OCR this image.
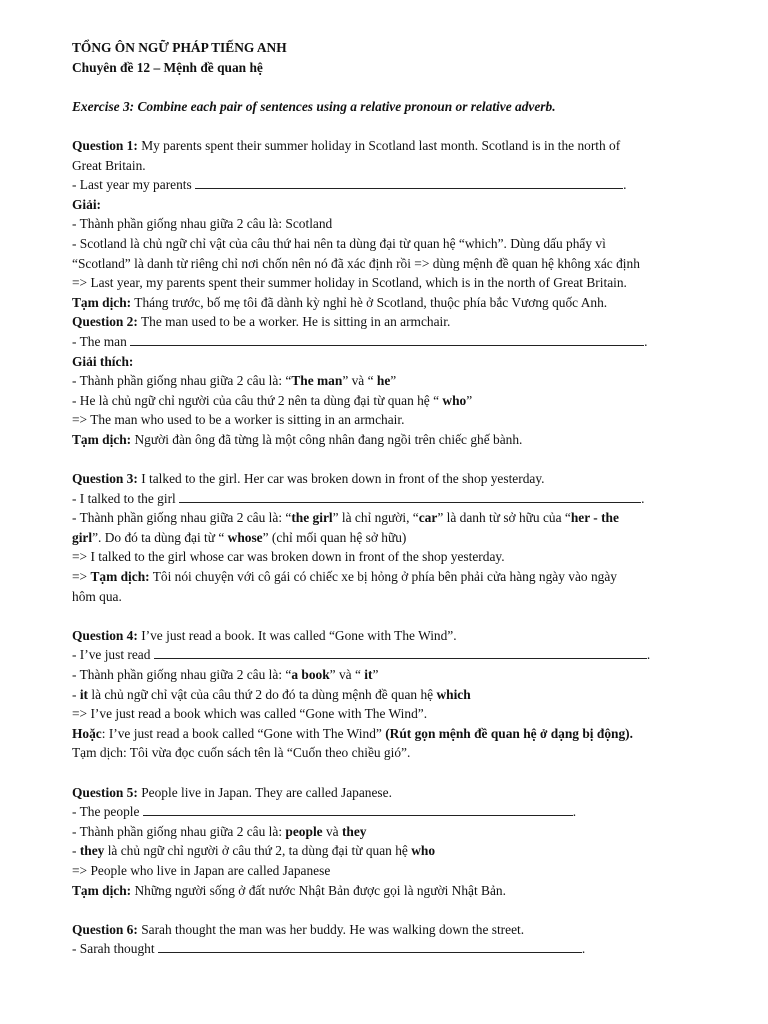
TỔNG ÔN NGỮ PHÁP TIẾNG ANH
Chuyên đề 12 – Mệnh đề quan hệ
Exercise 3: Combine each pair of sentences using a relative pronoun or relative adverb.
Question 1: My parents spent their summer holiday in Scotland last month. Scotland is in the north of
Great Britain.
- Last year my parents	.
Giải:
- Thành phần giống nhau giữa 2 câu là: Scotland
- Scotland là chủ ngữ chỉ vật của câu thứ hai nên ta dùng đại từ quan hệ “which”. Dùng dấu phẩy vì
“Scotland” là danh từ riêng chỉ nơi chốn nên nó đã xác định rồi => dùng mệnh đề quan hệ không xác định
=> Last year, my parents spent their summer holiday in Scotland, which is in the north of Great Britain.
Tạm dịch: Tháng trước, bố mẹ tôi đã dành kỳ nghỉ hè ở Scotland, thuộc phía bắc Vương quốc Anh.
Question 2: The man used to be a worker. He is sitting in an armchair.
- The man	.
Giải thích:
- Thành phần giống nhau giữa 2 câu là: “The man” và “ he”
- He là chủ ngữ chỉ người của câu thứ 2 nên ta dùng đại từ quan hệ “ who”
=> The man who used to be a worker is sitting in an armchair.
Tạm dịch: Người đàn ông đã từng là một công nhân đang ngồi trên chiếc ghế bành.
Question 3: I talked to the girl. Her car was broken down in front of the shop yesterday.
- I talked to the girl	.
- Thành phần giống nhau giữa 2 câu là: “the girl” là chỉ người, “car” là danh từ sở hữu của “her - the
girl”. Do đó ta dùng đại từ “ whose” (chỉ mối quan hệ sở hữu)
=> I talked to the girl whose car was broken down in front of the shop yesterday.
=> Tạm dịch: Tôi nói chuyện với cô gái có chiếc xe bị hỏng ở phía bên phải cửa hàng ngày vào ngày
hôm qua.
Question 4: I’ve just read a book. It was called “Gone with The Wind”.
- I’ve just read	.
- Thành phần giống nhau giữa 2 câu là: “a book” và “ it”
- it là chủ ngữ chỉ vật của câu thứ 2 do đó ta dùng mệnh đề quan hệ which
=> I’ve just read a book which was called “Gone with The Wind”.
Hoặc: I’ve just read a book called “Gone with The Wind” (Rút gọn mệnh đề quan hệ ở dạng bị động).
Tạm dịch: Tôi vừa đọc cuốn sách tên là “Cuốn theo chiều gió”.
Question 5: People live in Japan. They are called Japanese.
- The people	.
- Thành phần giống nhau giữa 2 câu là: people và they
- they là chủ ngữ chỉ người ở câu thứ 2, ta dùng đại từ quan hệ who
=> People who live in Japan are called Japanese
Tạm dịch: Những người sống ở đất nước Nhật Bản được gọi là người Nhật Bản.
Question 6: Sarah thought the man was her buddy. He was walking down the street.
- Sarah thought	.
